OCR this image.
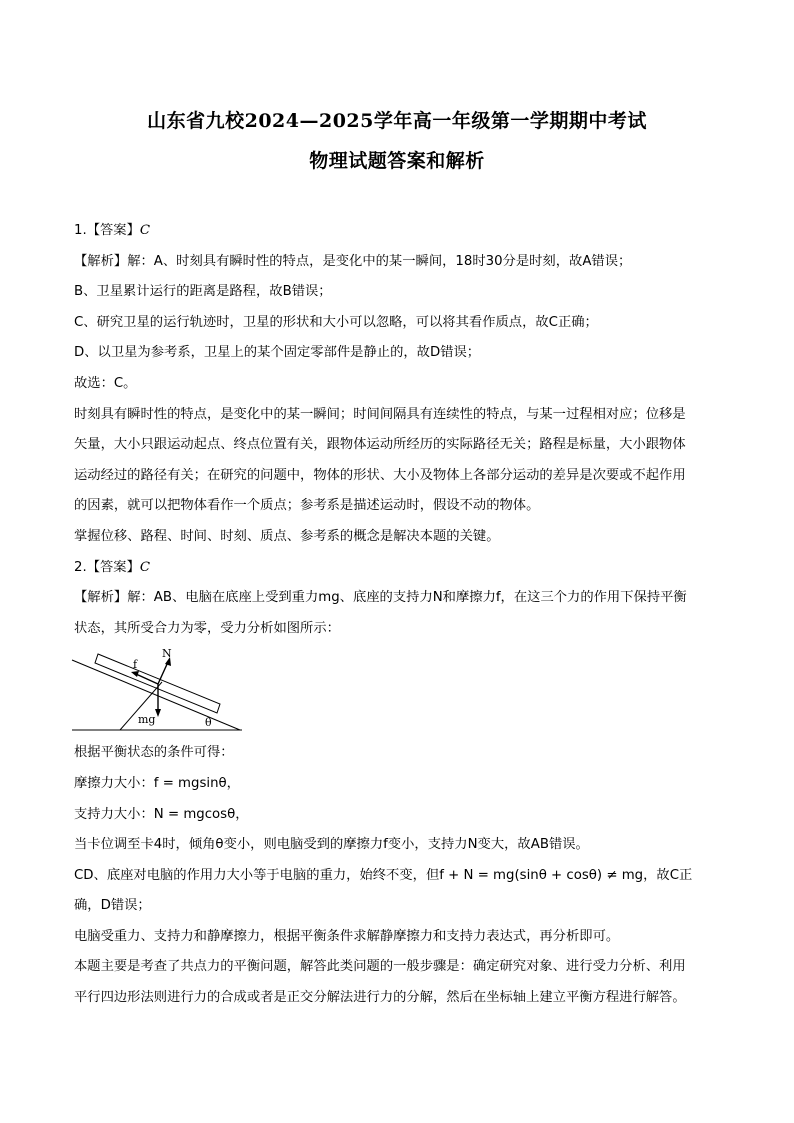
山东省九校2024—2025学年高一年级第一学期期中考试
物理试题答案和解析
1.【答案】C
【解析】解：A、时刻具有瞬时性的特点，是变化中的某一瞬间，18时30分是时刻，故A错误；
B、卫星累计运行的距离是路程，故B错误；
C、研究卫星的运行轨迹时，卫星的形状和大小可以忽略，可以将其看作质点，故C正确；
D、以卫星为参考系，卫星上的某个固定零部件是静止的，故D错误；
故选：C。
时刻具有瞬时性的特点，是变化中的某一瞬间；时间间隔具有连续性的特点，与某一过程相对应；位移是
矢量，大小只跟运动起点、终点位置有关，跟物体运动所经历的实际路径无关；路程是标量，大小跟物体
运动经过的路径有关；在研究的问题中，物体的形状、大小及物体上各部分运动的差异是次要或不起作用
的因素，就可以把物体看作一个质点；参考系是描述运动时，假设不动的物体。
掌握位移、路程、时间、时刻、质点、参考系的概念是解决本题的关键。
2.【答案】C
【解析】解：AB、电脑在底座上受到重力mg、底座的支持力N和摩擦力f，在这三个力的作用下保持平衡
状态，其所受合力为零，受力分析如图所示：
f
N
mg	θ
根据平衡状态的条件可得：
摩擦力大小：f = mgsinθ，
支持力大小：N = mgcosθ，
当卡位调至卡4时，倾角θ变小，则电脑受到的摩擦力f变小，支持力N变大，故AB错误。
CD、底座对电脑的作用力大小等于电脑的重力，始终不变，但f + N = mg(sinθ + cosθ) ≠ mg，故C正
确，D错误；
电脑受重力、支持力和静摩擦力，根据平衡条件求解静摩擦力和支持力表达式，再分析即可。
本题主要是考查了共点力的平衡问题，解答此类问题的一般步骤是：确定研究对象、进行受力分析、利用
平行四边形法则进行力的合成或者是正交分解法进行力的分解，然后在坐标轴上建立平衡方程进行解答。
